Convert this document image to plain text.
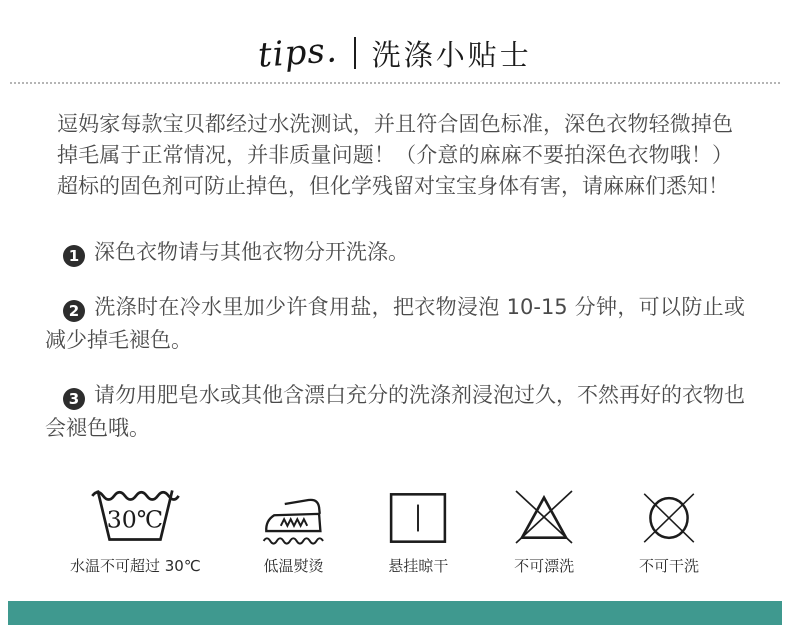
tips. 洗涤小贴士

逗妈家每款宝贝都经过水洗测试，并且符合固色标准，深色衣物轻微掉色掉毛属于正常情况，并非质量问题！（介意的麻麻不要拍深色衣物哦！）超标的固色剂可防止掉色，但化学残留对宝宝身体有害，请麻麻们悉知！

1 深色衣物请与其他衣物分开洗涤。

2 洗涤时在冷水里加少许食用盐，把衣物浸泡 10-15 分钟，可以防止或减少掉毛褪色。

3 请勿用肥皂水或其他含漂白充分的洗涤剂浸泡过久，不然再好的衣物也会褪色哦。

30℃
水温不可超过 30℃	低温熨烫	悬挂晾干	不可漂洗	不可干洗
